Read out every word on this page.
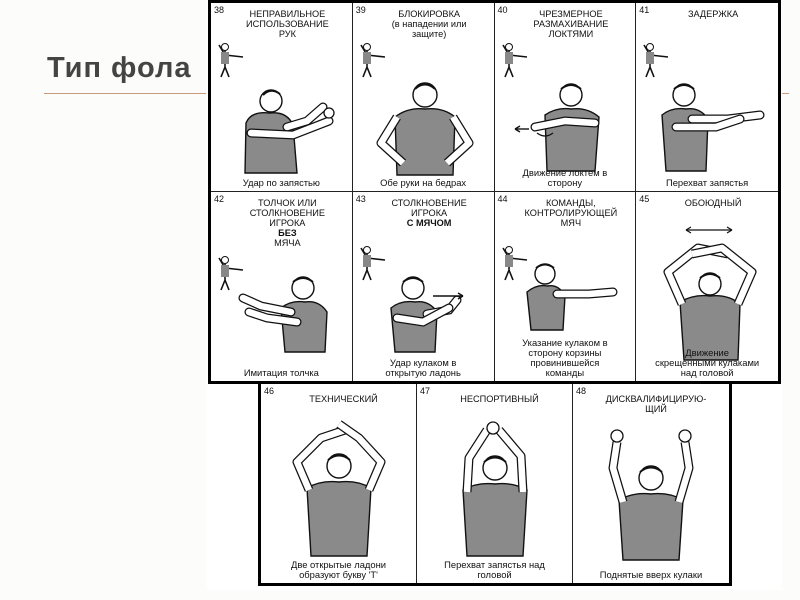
Тип фола
38	НЕПРАВИЛЬНОЕ
ИСПОЛЬЗОВАНИЕ
РУК
Удар по запястью
39	БЛОКИРОВКА
(в нападении или
защите)
Обе руки на бедрах
40	ЧРЕЗМЕРНОЕ
РАЗМАХИВАНИЕ
ЛОКТЯМИ
Движение локтем в
сторону
41	ЗАДЕРЖКА
Перехват запястья
42	ТОЛЧОК ИЛИ
СТОЛКНОВЕНИЕ
ИГРОКА
БЕЗ
МЯЧА
Имитация толчка
43	СТОЛКНОВЕНИЕ
ИГРОКА
С МЯЧОМ
Удар кулаком в
открытую ладонь
44	КОМАНДЫ,
КОНТРОЛИРУЮЩЕЙ
МЯЧ
Указание кулаком в
сторону корзины
провинившейся
команды
45	ОБОЮДНЫЙ
Движение
скрещенными кулаками
над головой
46
ТЕХНИЧЕСКИЙ
Две открытые ладони
образуют букву 'Т'
47
НЕСПОРТИВНЫЙ
Перехват запястья над
головой
48
ДИСКВАЛИФИЦИРУЮ-
ЩИЙ
Поднятые вверх кулаки
